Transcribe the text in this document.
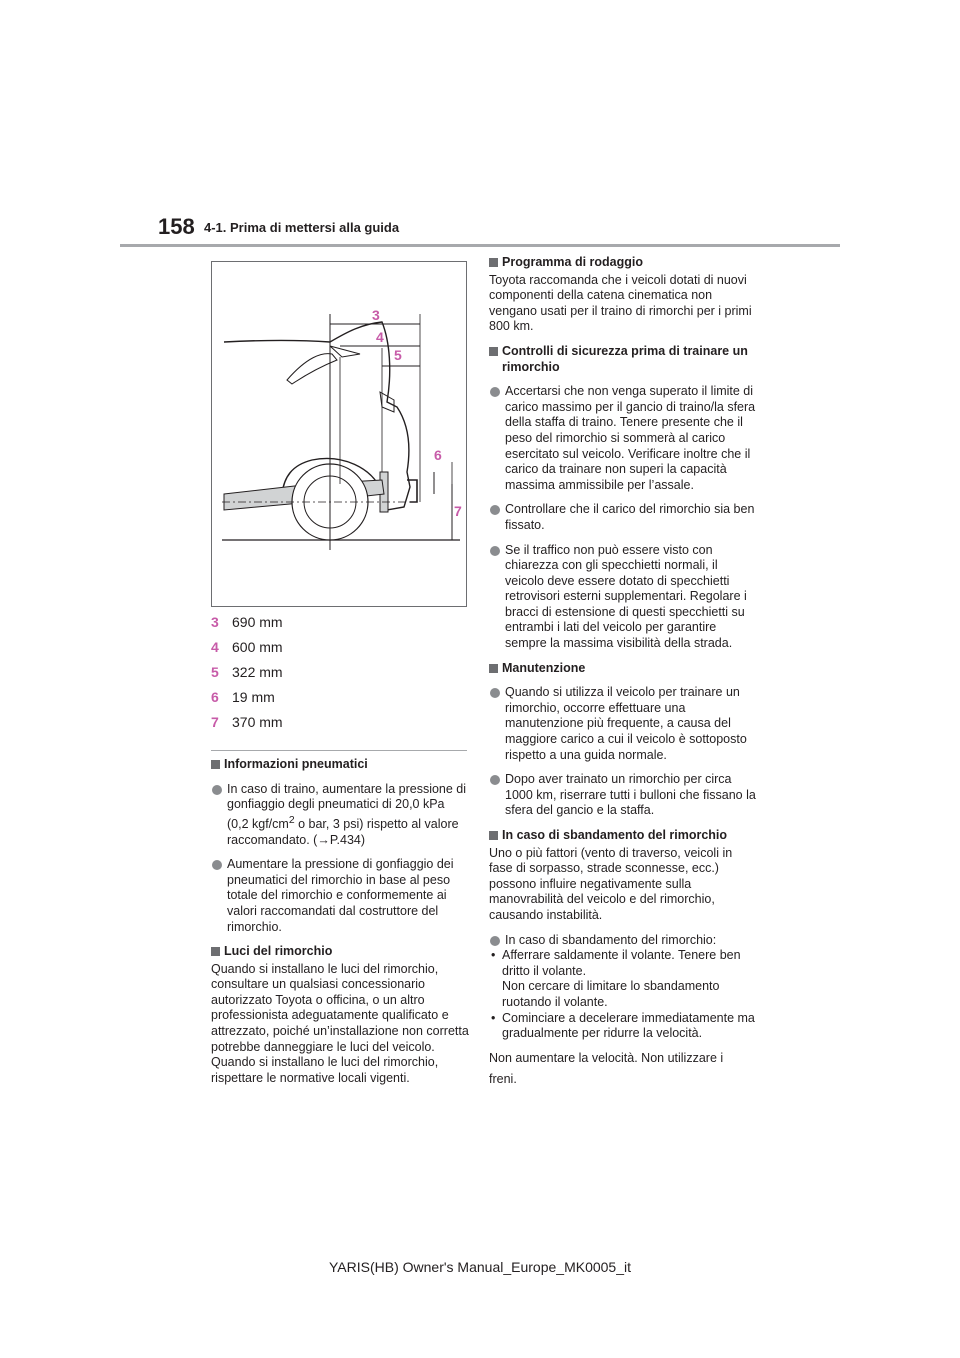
158 4-1. Prima di mettersi alla guida
3
4
5
6
7
3 690 mm
4 600 mm
5 322 mm
6 19 mm
7 370 mm

Informazioni pneumatici

In caso di traino, aumentare la pressione di gonfiaggio degli pneumatici di 20,0 kPa
(0,2 kgf/$cm^2$ o bar, 3 psi) rispetto al valore raccomandato. (→P.434)

Aumentare la pressione di gonfiaggio dei pneumatici del rimorchio in base al peso totale del rimorchio e conformemente ai valori raccomandati dal costruttore del rimorchio.

Luci del rimorchio

Quando si installano le luci del rimorchio, consultare un qualsiasi concessionario autorizzato Toyota o officina, o un altro professionista adeguatamente qualificato e attrezzato, poiché un’installazione non corretta potrebbe danneggiare le luci del veicolo. Quando si installano le luci del rimorchio, rispettare le normative locali vigenti.

Programma di rodaggio

Toyota raccomanda che i veicoli dotati di nuovi componenti della catena cinematica non vengano usati per il traino di rimorchi per i primi 800 km.

Controlli di sicurezza prima di trainare un rimorchio

Accertarsi che non venga superato il limite di carico massimo per il gancio di traino/la sfera della staffa di traino. Tenere presente che il peso del rimorchio si sommerà al carico esercitato sul veicolo. Verificare inoltre che il carico da trainare non superi la capacità massima ammissibile per l’assale.

Controllare che il carico del rimorchio sia ben fissato.

Se il traffico non può essere visto con chiarezza con gli specchietti normali, il veicolo deve essere dotato di specchietti retrovisori esterni supplementari. Regolare i bracci di estensione di questi specchietti su entrambi i lati del veicolo per garantire sempre la massima visibilità della strada.

Manutenzione

Quando si utilizza il veicolo per trainare un rimorchio, occorre effettuare una manutenzione più frequente, a causa del maggiore carico a cui il veicolo è sottoposto rispetto a una guida normale.

Dopo aver trainato un rimorchio per circa 1000 km, riserrare tutti i bulloni che fissano la sfera del gancio e la staffa.

In caso di sbandamento del rimorchio

Uno o più fattori (vento di traverso, veicoli in fase di sorpasso, strade sconnesse, ecc.) possono influire negativamente sulla manovrabilità del veicolo e del rimorchio, causando instabilità.

In caso di sbandamento del rimorchio:

• Afferrare saldamente il volante. Tenere ben dritto il volante.
Non cercare di limitare lo sbandamento ruotando il volante.

• Cominciare a decelerare immediatamente ma gradualmente per ridurre la velocità.

Non aumentare la velocità. Non utilizzare i

freni.

YARIS(HB) Owner's Manual_Europe_MK0005_it
